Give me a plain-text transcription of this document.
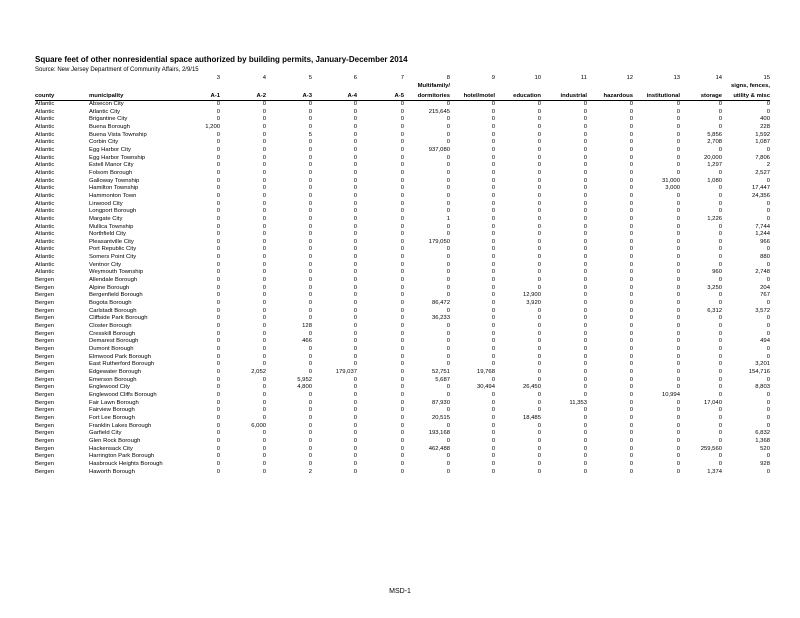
Square feet of other nonresidential space authorized by building permits, January-December 2014
Source: New Jersey Department of Community Affairs, 2/9/15
		3	4	5	6	7	8	9	10	11	12	13	14	15
							Multifamily/							signs, fences,
county	municipality	A-1	A-2	A-3	A-4	A-5	dormitories	hotel/motel	education	industrial	hazardous	institutional	storage	utility & misc
Atlantic	Absecon City	0	0	0	0	0	0	0	0	0	0	0	0	0
Atlantic	Atlantic City	0	0	0	0	0	215,645	0	0	0	0	0	0	0
Atlantic	Brigantine City	0	0	0	0	0	0	0	0	0	0	0	0	400
Atlantic	Buena Borough	1,200	0	0	0	0	0	0	0	0	0	0	0	228
Atlantic	Buena Vista Township	0	0	5	0	0	0	0	0	0	0	0	5,856	1,592
Atlantic	Corbin City	0	0	0	0	0	0	0	0	0	0	0	2,708	1,087
Atlantic	Egg Harbor City	0	0	0	0	0	937,080	0	0	0	0	0	0	0
Atlantic	Egg Harbor Township	0	0	0	0	0	0	0	0	0	0	0	20,000	7,806
Atlantic	Estell Manor City	0	0	0	0	0	0	0	0	0	0	0	1,297	2
Atlantic	Folsom Borough	0	0	0	0	0	0	0	0	0	0	0	0	2,527
Atlantic	Galloway Township	0	0	0	0	0	0	0	0	0	0	31,000	1,080	0
Atlantic	Hamilton Township	0	0	0	0	0	0	0	0	0	0	3,000	0	17,447
Atlantic	Hammonton Town	0	0	0	0	0	0	0	0	0	0	0	0	24,356
Atlantic	Linwood City	0	0	0	0	0	0	0	0	0	0	0	0	0
Atlantic	Longport Borough	0	0	0	0	0	0	0	0	0	0	0	0	0
Atlantic	Margate City	0	0	0	0	0	1	0	0	0	0	0	1,226	0
Atlantic	Mullica Township	0	0	0	0	0	0	0	0	0	0	0	0	7,744
Atlantic	Northfield City	0	0	0	0	0	0	0	0	0	0	0	0	1,244
Atlantic	Pleasantville City	0	0	0	0	0	179,050	0	0	0	0	0	0	966
Atlantic	Port Republic City	0	0	0	0	0	0	0	0	0	0	0	0	0
Atlantic	Somers Point City	0	0	0	0	0	0	0	0	0	0	0	0	880
Atlantic	Ventnor City	0	0	0	0	0	0	0	0	0	0	0	0	0
Atlantic	Weymouth Township	0	0	0	0	0	0	0	0	0	0	0	960	2,748
Bergen	Allendale Borough	0	0	0	0	0	0	0	0	0	0	0	0	0
Bergen	Alpine Borough	0	0	0	0	0	0	0	0	0	0	0	3,250	204
Bergen	Bergenfield Borough	0	0	0	0	0	0	0	12,900	0	0	0	0	767
Bergen	Bogota Borough	0	0	0	0	0	86,472	0	3,920	0	0	0	0	0
Bergen	Carlstadt Borough	0	0	0	0	0	0	0	0	0	0	0	6,312	3,572
Bergen	Cliffside Park Borough	0	0	0	0	0	36,233	0	0	0	0	0	0	0
Bergen	Closter Borough	0	0	128	0	0	0	0	0	0	0	0	0	0
Bergen	Cresskill Borough	0	0	0	0	0	0	0	0	0	0	0	0	0
Bergen	Demarest Borough	0	0	466	0	0	0	0	0	0	0	0	0	494
Bergen	Dumont Borough	0	0	0	0	0	0	0	0	0	0	0	0	0
Bergen	Elmwood Park Borough	0	0	0	0	0	0	0	0	0	0	0	0	0
Bergen	East Rutherford Borough	0	0	0	0	0	0	0	0	0	0	0	0	3,201
Bergen	Edgewater Borough	0	2,052	0	179,037	0	52,751	19,768	0	0	0	0	0	154,716
Bergen	Emerson Borough	0	0	5,952	0	0	5,687	0	0	0	0	0	0	0
Bergen	Englewood City	0	0	4,800	0	0	0	30,494	26,450	0	0	0	0	8,803
Bergen	Englewood Cliffs Borough	0	0	0	0	0	0	0	0	0	0	10,994	0	0
Bergen	Fair Lawn Borough	0	0	0	0	0	87,930	0	0	11,353	0	0	17,040	0
Bergen	Fairview Borough	0	0	0	0	0	0	0	0	0	0	0	0	0
Bergen	Fort Lee Borough	0	0	0	0	0	20,515	0	18,485	0	0	0	0	0
Bergen	Franklin Lakes Borough	0	6,000	0	0	0	0	0	0	0	0	0	0	0
Bergen	Garfield City	0	0	0	0	0	193,168	0	0	0	0	0	0	6,832
Bergen	Glen Rock Borough	0	0	0	0	0	0	0	0	0	0	0	0	1,368
Bergen	Hackensack City	0	0	0	0	0	462,488	0	0	0	0	0	259,560	520
Bergen	Harrington Park Borough	0	0	0	0	0	0	0	0	0	0	0	0	0
Bergen	Hasbrouck Heights Borough	0	0	0	0	0	0	0	0	0	0	0	0	928
Bergen	Haworth Borough	0	0	2	0	0	0	0	0	0	0	0	1,374	0
MSD-1
